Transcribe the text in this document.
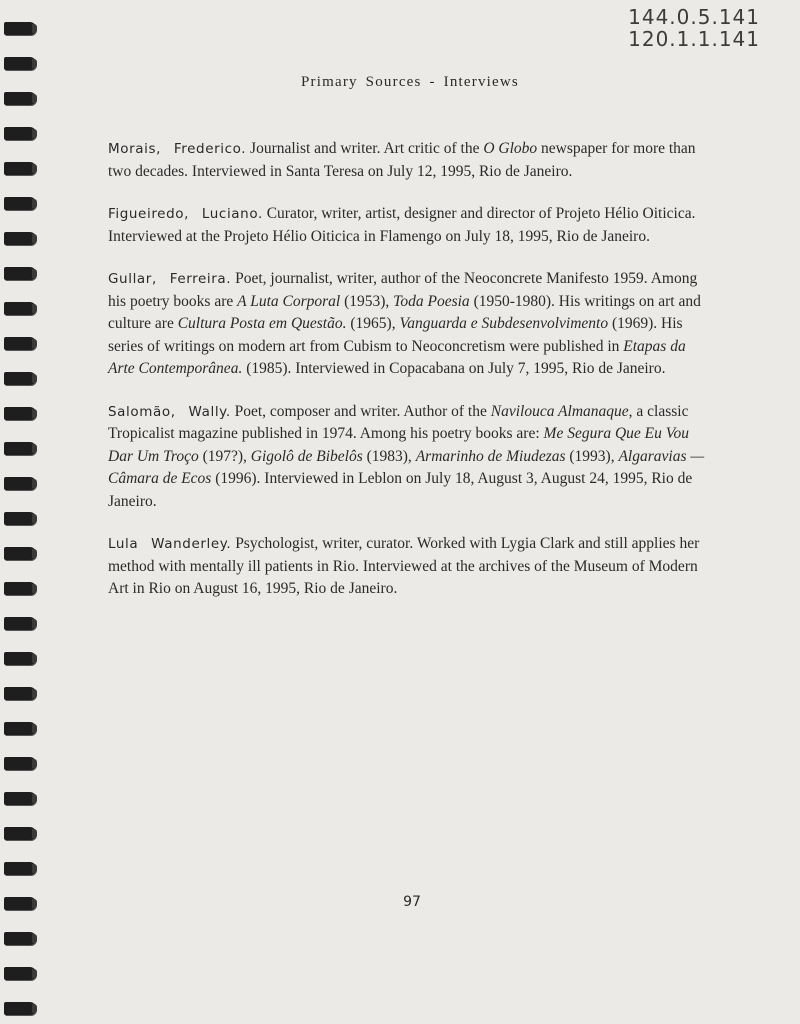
144.0.5.141
120.1.1.141
Primary Sources - Interviews

Morais, Frederico. Journalist and writer. Art critic of the O Globo newspaper for more than two decades. Interviewed in Santa Teresa on July 12, 1995, Rio de Janeiro.

Figueiredo, Luciano. Curator, writer, artist, designer and director of Projeto Hélio Oiticica. Interviewed at the Projeto Hélio Oiticica in Flamengo on July 18, 1995, Rio de Janeiro.

Gullar, Ferreira. Poet, journalist, writer, author of the Neoconcrete Manifesto 1959. Among his poetry books are A Luta Corporal (1953), Toda Poesia (1950-1980). His writings on art and culture are Cultura Posta em Questão. (1965), Vanguarda e Subdesenvolvimento (1969). His series of writings on modern art from Cubism to Neoconcretism were published in Etapas da Arte Contemporânea. (1985). Interviewed in Copacabana on July 7, 1995, Rio de Janeiro.

Salomão, Wally. Poet, composer and writer. Author of the Navilouca Almanaque, a classic Tropicalist magazine published in 1974. Among his poetry books are: Me Segura Que Eu Vou Dar Um Troço (197?), Gigolô de Bibelôs (1983), Armarinho de Miudezas (1993), Algaravias — Câmara de Ecos (1996). Interviewed in Leblon on July 18, August 3, August 24, 1995, Rio de Janeiro.

Lula Wanderley. Psychologist, writer, curator. Worked with Lygia Clark and still applies her method with mentally ill patients in Rio. Interviewed at the archives of the Museum of Modern Art in Rio on August 16, 1995, Rio de Janeiro.

97
